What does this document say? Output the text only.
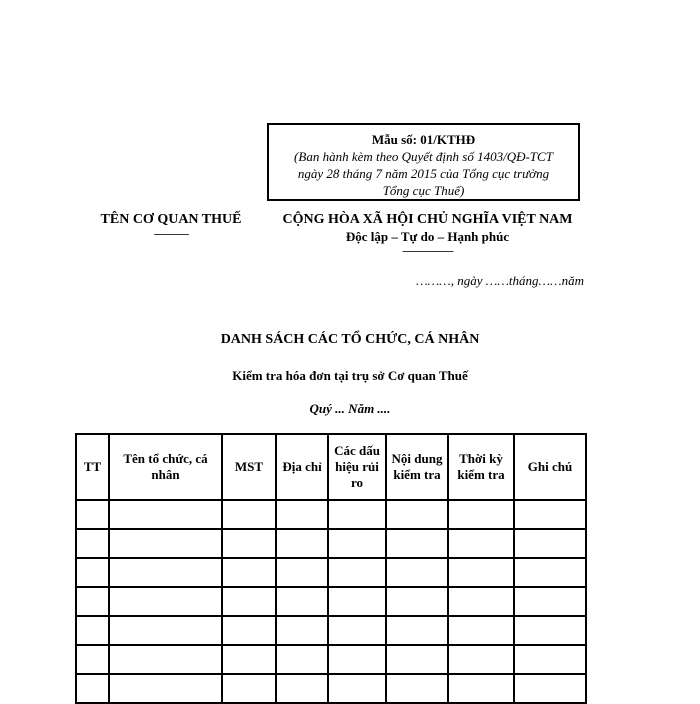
Mẫu số: 01/KTHĐ
(Ban hành kèm theo Quyết định số 1403/QĐ-TCT
ngày 28 tháng 7 năm 2015 của Tổng cục trưởng
Tổng cục Thuế)
TÊN CƠ QUAN THUẾ
-------------
CỘNG HÒA XÃ HỘI CHỦ NGHĨA VIỆT NAM
Độc lập – Tự do – Hạnh phúc
-------------------
………, ngày ……tháng……năm
DANH SÁCH CÁC TỔ CHỨC, CÁ NHÂN
Kiểm tra hóa đơn tại trụ sở Cơ quan Thuế
Quý ... Năm ....
TT	Tên tổ chức, cá nhân	MST	Địa chỉ	Các dấu hiệu rủi ro	Nội dung kiểm tra	Thời kỳ kiểm tra	Ghi chú
